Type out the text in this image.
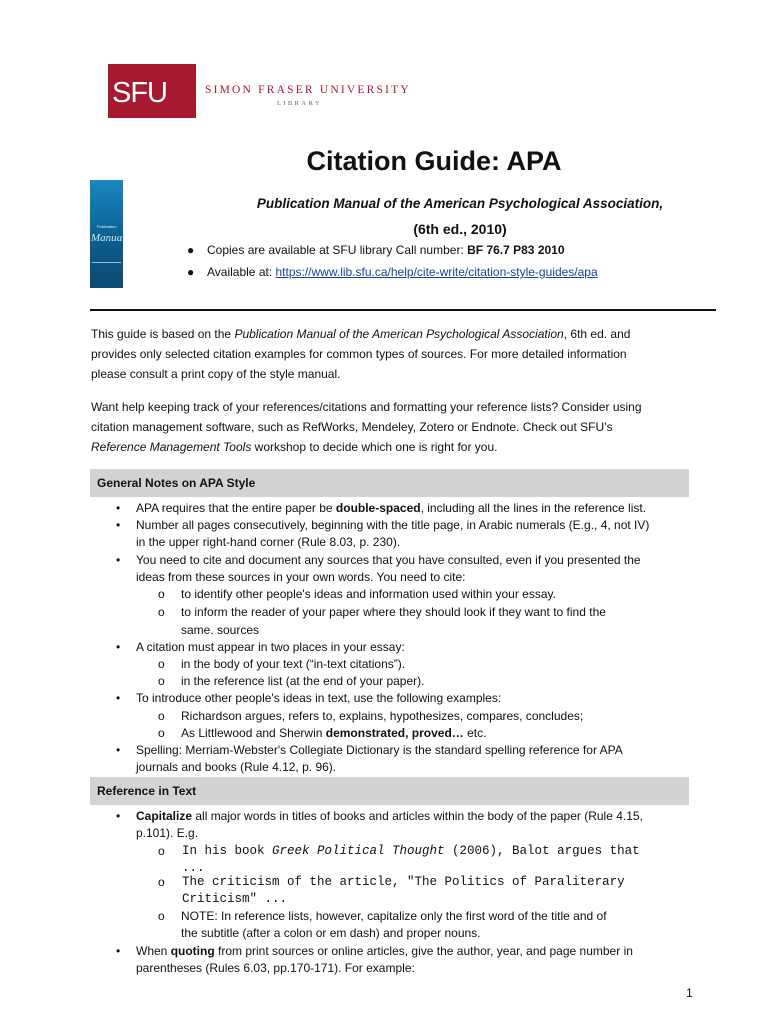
SFU	SIMON FRASER UNIVERSITY
LIBRARY
Citation Guide: APA
Publication
Manual
Publication Manual of the American Psychological Association,
(6th ed., 2010)
● Copies are available at SFU library Call number: BF 76.7 P83 2010
● Available at: https://www.lib.sfu.ca/help/cite-write/citation-style-guides/apa
This guide is based on the Publication Manual of the American Psychological Association, 6th ed. and
provides only selected citation examples for common types of sources. For more detailed information
please consult a print copy of the style manual.
Want help keeping track of your references/citations and formatting your reference lists? Consider using
citation management software, such as RefWorks, Mendeley, Zotero or Endnote. Check out SFU’s
Reference Management Tools workshop to decide which one is right for you.
General Notes on APA Style
• APA requires that the entire paper be double-spaced, including all the lines in the reference list.
• Number all pages consecutively, beginning with the title page, in Arabic numerals (E.g., 4, not IV)
in the upper right-hand corner (Rule 8.03, p. 230).
• You need to cite and document any sources that you have consulted, even if you presented the
ideas from these sources in your own words. You need to cite:
o to identify other people's ideas and information used within your essay.
o to inform the reader of your paper where they should look if they want to find the
same. sources
• A citation must appear in two places in your essay:
o in the body of your text (“in-text citations”).
o in the reference list (at the end of your paper).
• To introduce other people's ideas in text, use the following examples:
o Richardson argues, refers to, explains, hypothesizes, compares, concludes;
o As Littlewood and Sherwin demonstrated, proved… etc.
• Spelling: Merriam-Webster's Collegiate Dictionary is the standard spelling reference for APA
journals and books (Rule 4.12, p. 96).
Reference in Text
• Capitalize all major words in titles of books and articles within the body of the paper (Rule 4.15,
p.101). E.g.
o In his book Greek Political Thought (2006), Balot argues that
...
o The criticism of the article, "The Politics of Paraliterary
Criticism" ...
o NOTE: In reference lists, however, capitalize only the first word of the title and of
the subtitle (after a colon or em dash) and proper nouns.
• When quoting from print sources or online articles, give the author, year, and page number in
parentheses (Rules 6.03, pp.170-171). For example:
1
